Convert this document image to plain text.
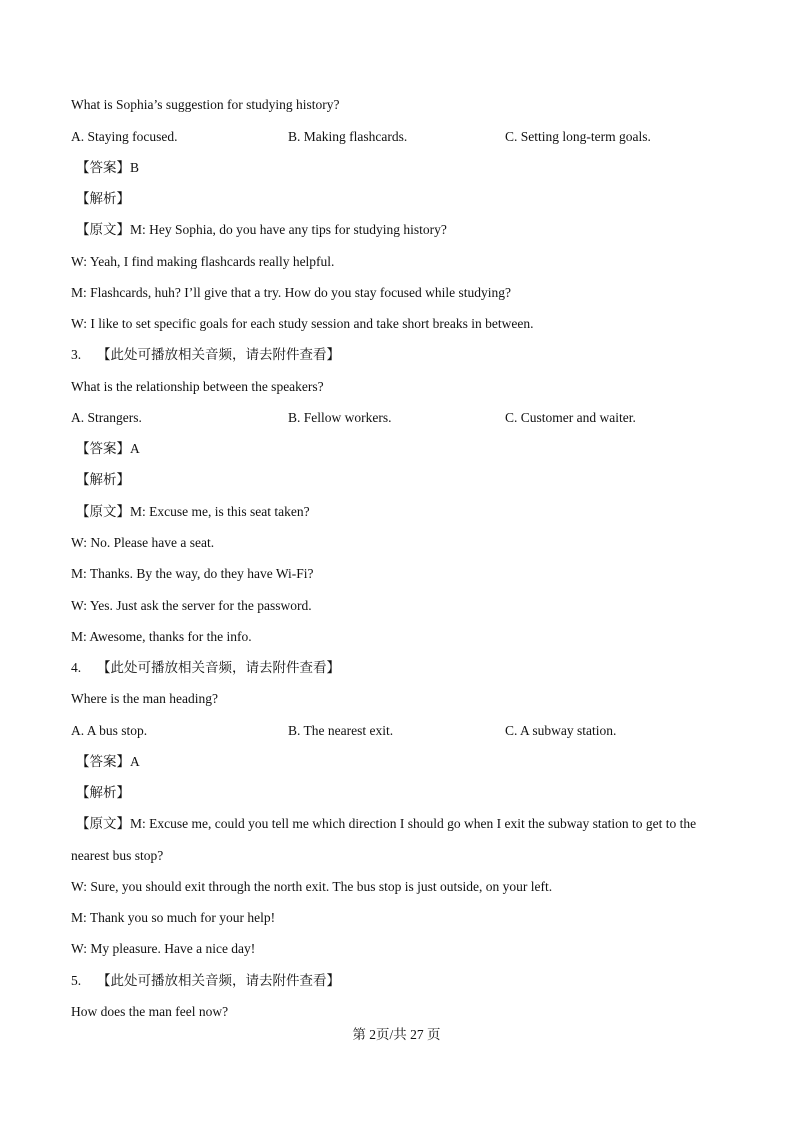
What is Sophia’s suggestion for studying history?
A. Staying focused.	B. Making flashcards.	C. Setting long-term goals.
【答案】B
【解析】
【原文】M: Hey Sophia, do you have any tips for studying history?
W: Yeah, I find making flashcards really helpful.
M: Flashcards, huh? I’ll give that a try. How do you stay focused while studying?
W: I like to set specific goals for each study session and take short breaks in between.
3. 【此处可播放相关音频，请去附件查看】
What is the relationship between the speakers?
A. Strangers.	B. Fellow workers.	C. Customer and waiter.
【答案】A
【解析】
【原文】M: Excuse me, is this seat taken?
W: No. Please have a seat.
M: Thanks. By the way, do they have Wi-Fi?
W: Yes. Just ask the server for the password.
M: Awesome, thanks for the info.
4. 【此处可播放相关音频，请去附件查看】
Where is the man heading?
A. A bus stop.	B. The nearest exit.	C. A subway station.
【答案】A
【解析】
【原文】M: Excuse me, could you tell me which direction I should go when I exit the subway station to get to the
nearest bus stop?
W: Sure, you should exit through the north exit. The bus stop is just outside, on your left.
M: Thank you so much for your help!
W: My pleasure. Have a nice day!
5. 【此处可播放相关音频，请去附件查看】
How does the man feel now?
第 2页/共 27 页
